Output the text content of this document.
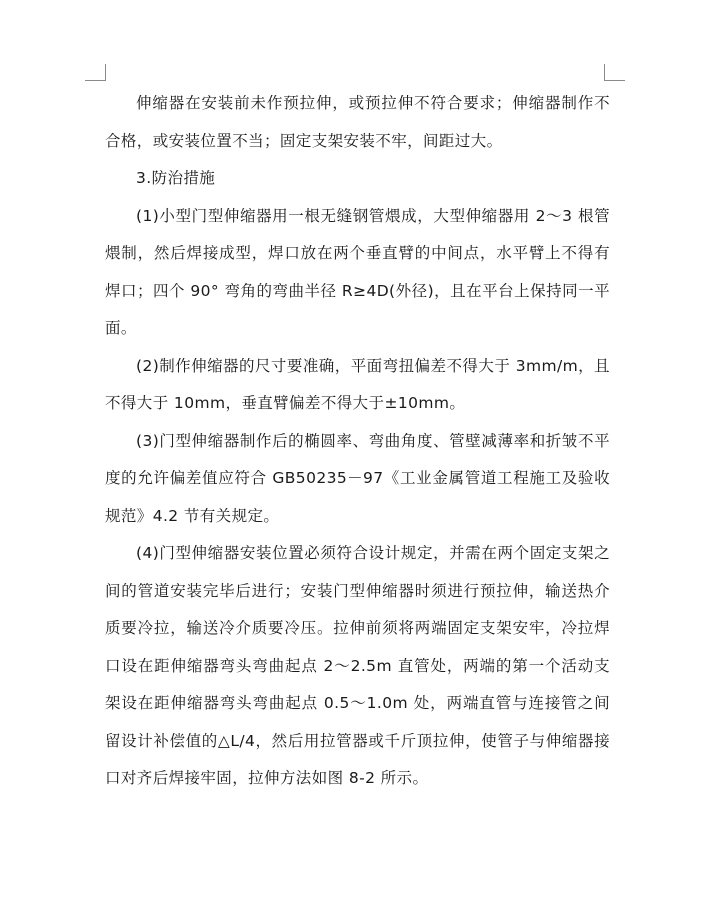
伸缩器在安装前未作预拉伸，或预拉伸不符合要求；伸缩器制作不合格，或安装位置不当；固定支架安装不牢，间距过大。

3.防治措施

(1)小型门型伸缩器用一根无缝钢管煨成，大型伸缩器用 2～3 根管煨制，然后焊接成型，焊口放在两个垂直臂的中间点，水平臂上不得有焊口；四个 90° 弯角的弯曲半径 R≥4D(外径)，且在平台上保持同一平面。

(2)制作伸缩器的尺寸要准确，平面弯扭偏差不得大于 3mm/m，且不得大于 10mm，垂直臂偏差不得大于±10mm。

(3)门型伸缩器制作后的椭圆率、弯曲角度、管壁减薄率和折皱不平度的允许偏差值应符合 GB50235－97《工业金属管道工程施工及验收规范》4.2 节有关规定。

(4)门型伸缩器安装位置必须符合设计规定，并需在两个固定支架之间的管道安装完毕后进行；安装门型伸缩器时须进行预拉伸，输送热介质要冷拉，输送冷介质要冷压。拉伸前须将两端固定支架安牢，冷拉焊口设在距伸缩器弯头弯曲起点 2～2.5m 直管处，两端的第一个活动支架设在距伸缩器弯头弯曲起点 0.5～1.0m 处，两端直管与连接管之间留设计补偿值的△L/4，然后用拉管器或千斤顶拉伸，使管子与伸缩器接口对齐后焊接牢固，拉伸方法如图 8-2 所示。
